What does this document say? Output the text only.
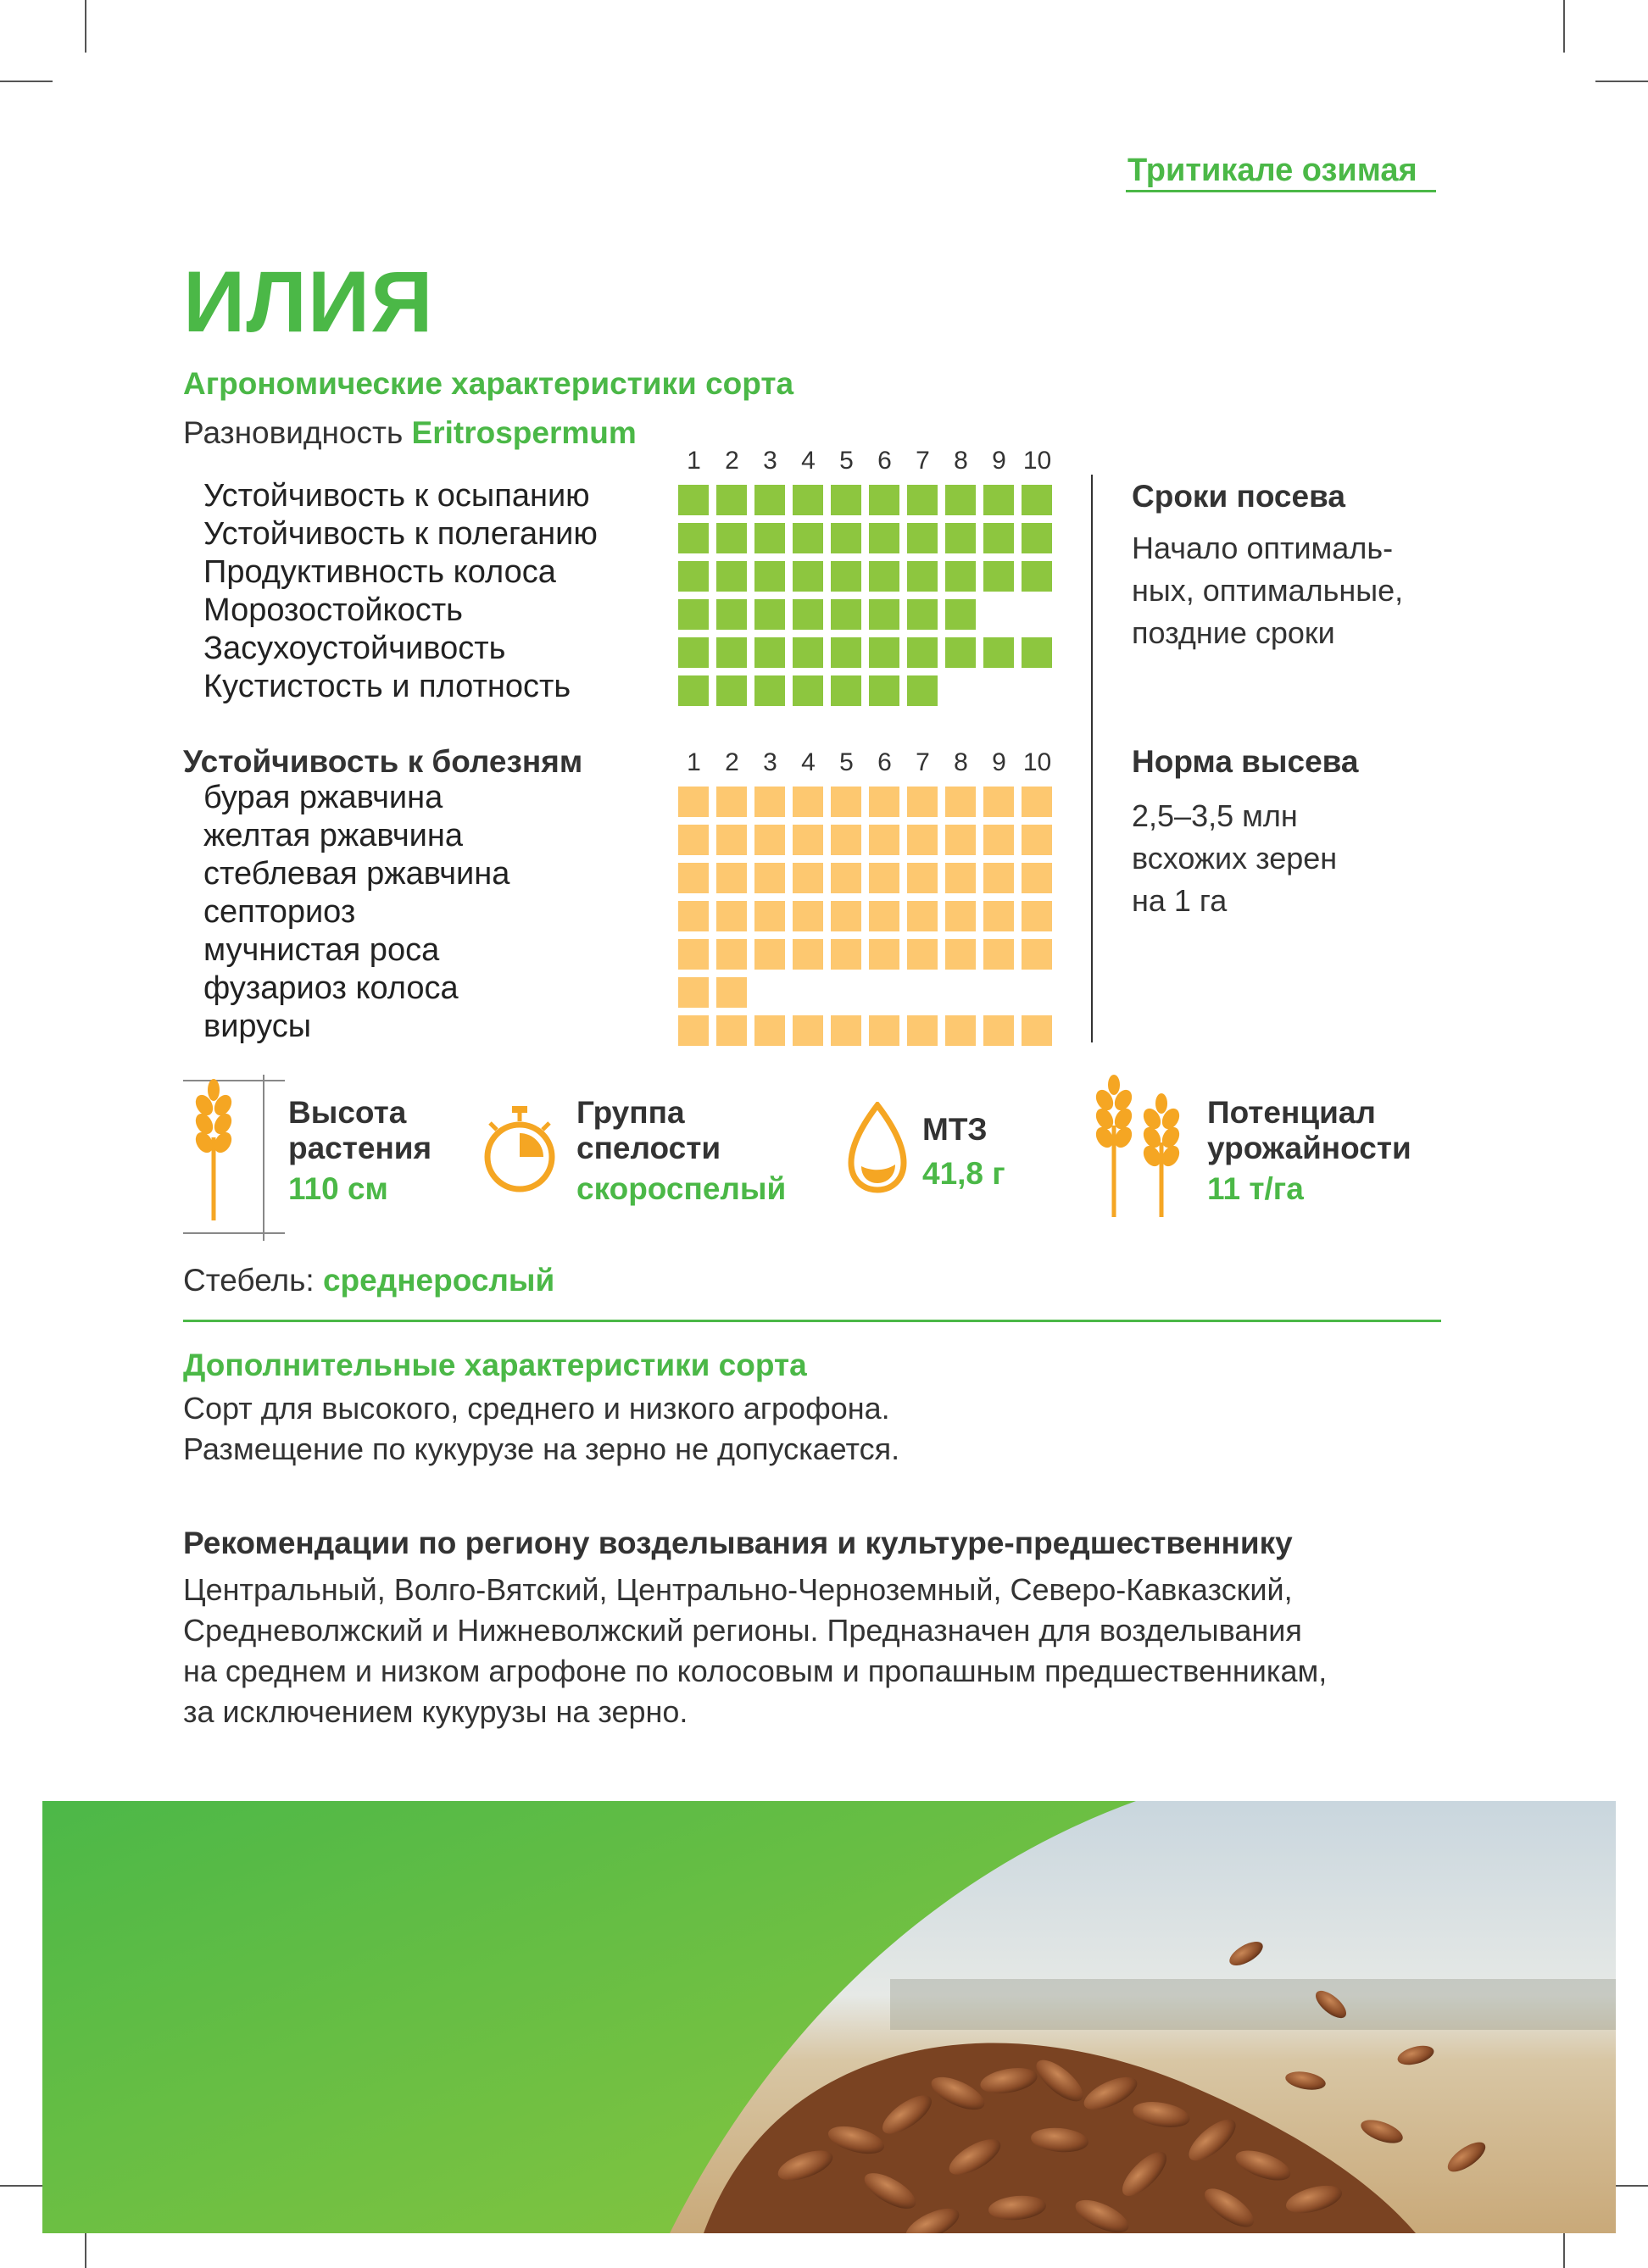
Тритикале озимая
ИЛИЯ
Агрономические характеристики сорта
Разновидность Eritrospermum
1 2 3 4 5 6 7 8 9 10
Устойчивость к осыпанию
Устойчивость к полеганию
Продуктивность колоса
Морозостойкость
Засухоустойчивость
Кустистость и плотность
Устойчивость к болезням	1 2 3 4 5 6 7 8 9 10
бурая ржавчина
желтая ржавчина
стеблевая ржавчина
септориоз
мучнистая роса
фузариоз колоса
вирусы
Сроки посева
Начало оптималь-
ных, оптимальные,
поздние сроки
Норма высева
2,5–3,5 млн
всхожих зерен
на 1 га
Высота
растения
110 см
Группа
спелости
скороспелый
МТЗ
41,8 г
Потенциал
урожайности
11 т/га
Стебель: среднерослый
Дополнительные характеристики сорта
Сорт для высокого, среднего и низкого агрофона.
Размещение по кукурузе на зерно не допускается.
Рекомендации по региону возделывания и культуре-предшественнику
Центральный, Волго-Вятский, Центрально-Черноземный, Северо-Кавказский,
Средневолжский и Нижневолжский регионы. Предназначен для возделывания
на среднем и низком агрофоне по колосовым и пропашным предшественникам,
за исключением кукурузы на зерно.
